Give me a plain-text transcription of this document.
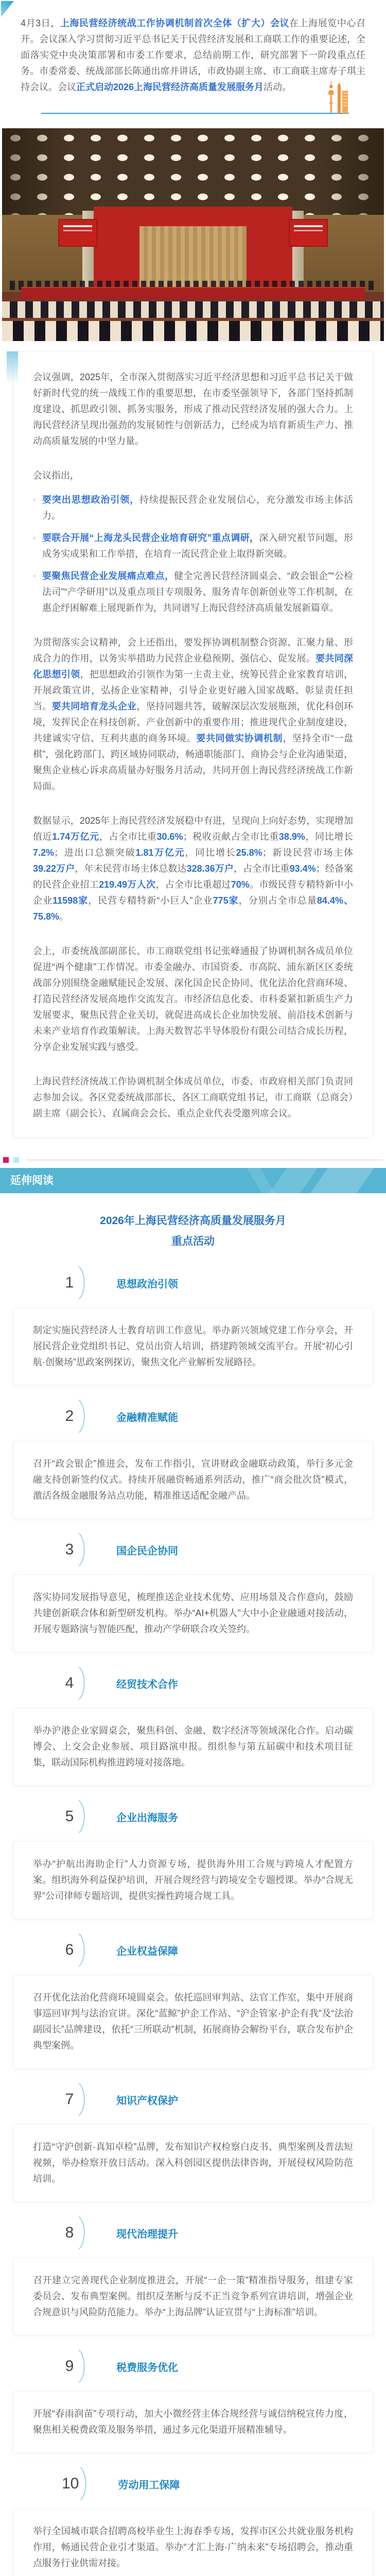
4月3日，上海民营经济统战工作协调机制首次全体（扩大）会议在上海展览中心召开。会议深入学习贯彻习近平总书记关于民营经济发展和工商联工作的重要论述，全面落实党中央决策部署和市委工作要求，总结前期工作，研究部署下一阶段重点任务。市委常委、统战部部长陈通出席并讲话，市政协副主席、市工商联主席寿子琪主持会议。会议正式启动2026上海民营经济高质量发展服务月活动。

会议强调，2025年，全市深入贯彻落实习近平经济思想和习近平总书记关于做好新时代党的统一战线工作的重要思想，在市委坚强领导下，各部门坚持抓制度建设、抓思政引领、抓务实服务，形成了推动民营经济发展的强大合力。上海民营经济呈现出强劲的发展韧性与创新活力，已经成为培育新质生产力、推动高质量发展的中坚力量。

会议指出，

◦ 要突出思想政治引领，持续提振民营企业发展信心，充分激发市场主体活力。

◦ 要联合开展“上海龙头民营企业培育研究”重点调研，深入研究裉节问题，形成务实成果和工作举措，在培育一流民营企业上取得新突破。

◦ 要聚焦民营企业发展痛点难点，健全完善民营经济圆桌会、“政会银企”“公检法司”“产学研用”以及重点项目专项服务、服务青年创新创业等工作机制，在惠企纾困解难上展现新作为，共同谱写上海民营经济高质量发展新篇章。

为贯彻落实会议精神，会上还指出，要发挥协调机制整合资源、汇聚力量、形成合力的作用，以务实举措助力民营企业稳预期、强信心、促发展。要共同深化思想引领，把思想政治引领作为第一主责主业，统筹民营企业家教育培训，开展政策宣讲，弘扬企业家精神，引导企业更好融入国家战略、彰显责任担当。要共同培育龙头企业，坚持同题共答，破解深层次发展瓶颈，优化科创环境，发挥民企在科技创新、产业创新中的重要作用；推进现代企业制度建设，共建诚实守信、互利共惠的商务环境。要共同做实协调机制，坚持全市“一盘棋”，强化跨部门、跨区域协同联动，畅通职能部门、商协会与企业沟通渠道，聚焦企业核心诉求高质量办好服务月活动，共同开创上海民营经济统战工作新局面。

数据显示，2025年上海民营经济发展稳中有进，呈现向上向好态势，实现增加值近1.74万亿元，占全市比重30.6%；税收贡献占全市比重38.9%，同比增长7.2%；进出口总额突破1.81万亿元，同比增长25.8%；新设民营市场主体39.22万户，年末民营市场主体总数达328.36万户，占全市比重93.4%；经备案的民营企业招工219.49万人次，占全市比重超过70%。市级民营专精特新中小企业11598家，民营专精特新“小巨人”企业775家，分别占全市总量84.4%、75.8%。

会上，市委统战部副部长、市工商联党组书记张峰通报了协调机制各成员单位促进“两个健康”工作情况。市委金融办、市国资委、市高院、浦东新区区委统战部分别围绕金融赋能民企发展、深化国企民企协同、优化法治化营商环境、打造民营经济发展高地作交流发言。市经济信息化委、市科委紧扣新质生产力发展要求，聚焦民营企业关切，就促进高成长企业加快发展、前沿技术创新与未来产业培育作政策解读。上海天数智芯半导体股份有限公司结合成长历程，分享企业发展实践与感受。

上海民营经济统战工作协调机制全体成员单位，市委、市政府相关部门负责同志参加会议。各区党委统战部部长、各区工商联党组书记，市工商联（总商会）副主席（副会长）、直属商会会长、重点企业代表受邀列席会议。

延伸阅读
2026年上海民营经济高质量发展服务月
重点活动
1	思想政治引领

制定实施民营经济人士教育培训工作意见。举办新兴领域党建工作分享会，开展民营企业党组织书记、党员出资人培训，搭建跨领域交流平台。开展“初心引航·创聚场”思政案例探访，聚焦文化产业解析发展路径。

2	金融精准赋能

召开“政会银企”推进会，发布工作指引，宣讲财政金融联动政策，举行多元金融支持创新签约仪式。持续开展融资畅通系列活动，推广“商会批次贷”模式，激活各级金融服务站点功能，精准推送适配金融产品。

3	国企民企协同

落实协同发展指导意见，梳理推送企业技术优势、应用场景及合作意向，鼓励共建创新联合体和新型研发机构。举办“AI+机器人”大中小企业融通对接活动，开展专题路演与智能匹配，推动产学研联合攻关签约。

4	经贸技术合作

举办沪港企业家圆桌会，聚焦科创、金融、数字经济等领域深化合作。启动碳博会、上交会企业参展、项目路演申报。组织参与第五届碳中和技术项目征集，联动国际机构推进跨境对接落地。

5	企业出海服务

举办“护航出海助企行”人力资源专场，提供海外用工合规与跨境人才配置方案。组织海外利益保护培训，开展合规经营与跨境安全专题授课。举办“合规无界”公司律师专题培训，提供实操性跨境合规工具。

6	企业权益保障

召开优化法治化营商环境圆桌会。依托巡回审判站、法官工作室，集中开展商事巡回审判与法治宣讲。深化“蓝鲸”护企工作站、“沪企管家·护企有我”及“法治副园长”品牌建设，依托“三所联动”机制，拓展商协会解纷平台，联合发布护企典型案例。

7	知识产权保护

打造“守沪创新·真知卓检”品牌，发布知识产权检察白皮书、典型案例及普法短视频，举办检察开放日活动。深入科创园区提供法律咨询，开展侵权风险防范培训。

8	现代治理提升

召开建立完善现代企业制度推进会，开展“一企一策”精准指导服务，组建专家委员会、发布典型案例。组织反垄断与反不正当竞争系列宣讲培训，增强企业合规意识与风险防范能力。举办“上海品牌”认证宣贯与“上海标准”培训。

9	税费服务优化

开展“春雨润苗”专项行动，加大小微经营主体合规经营与诚信纳税宣传力度，聚焦相关税费政策及服务举措，通过多元化渠道开展精准辅导。

10	劳动用工保障

举行全国城市联合招聘高校毕业生上海春季专场，发挥市区公共就业服务机构作用，畅通民营企业引才渠道。举办“才汇上海·广纳未来”专场招聘会，推动重点服务行业供需对接。
